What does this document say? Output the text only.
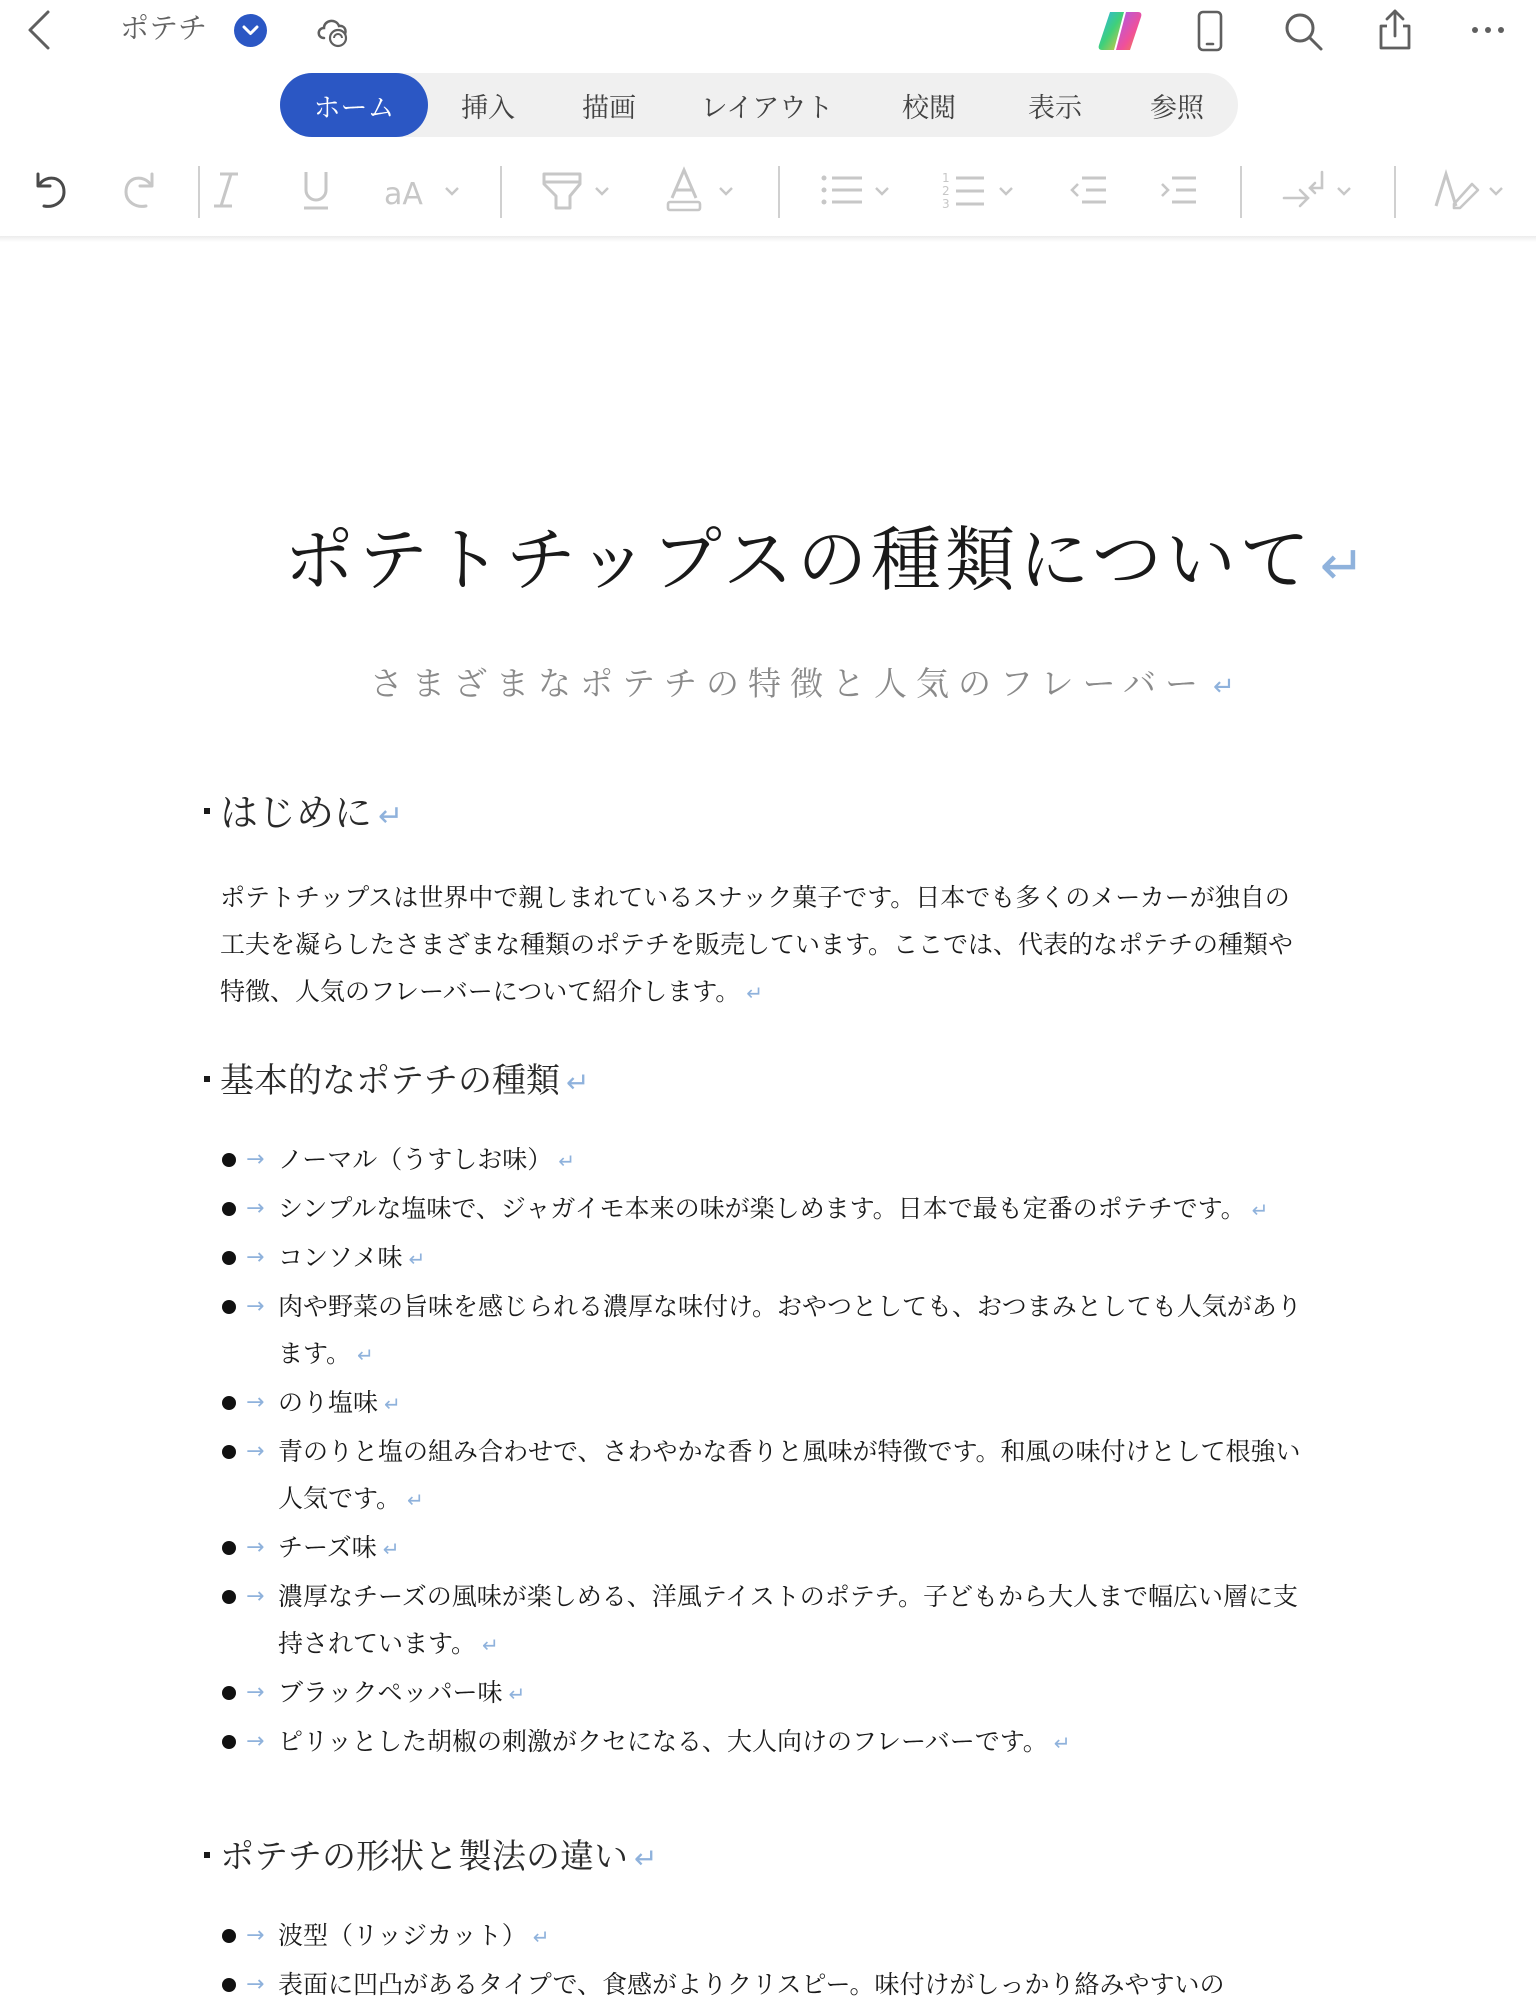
ポテチ
ホーム	挿入	描画	レイアウト	校閲	表示	参照
aA	1
2
3
ポテトチップスの種類について ↵
さまざまなポテチの特徴と人気のフレーバー ↵
はじめに ↵
ポテトチップスは世界中で親しまれているスナック菓子です。日本でも多くのメーカーが独自の工夫を凝らしたさまざまな種類のポテチを販売しています。ここでは、代表的なポテチの種類や特徴、人気のフレーバーについて紹介します。 ↵
基本的なポテチの種類 ↵
→ ノーマル（うすしお味） ↵
→ シンプルな塩味で、ジャガイモ本来の味が楽しめます。日本で最も定番のポテチです。 ↵
→ コンソメ味 ↵
→ 肉や野菜の旨味を感じられる濃厚な味付け。おやつとしても、おつまみとしても人気があります。 ↵
→ のり塩味 ↵
→ 青のりと塩の組み合わせで、さわやかな香りと風味が特徴です。和風の味付けとして根強い人気です。 ↵
→ チーズ味 ↵
→ 濃厚なチーズの風味が楽しめる、洋風テイストのポテチ。子どもから大人まで幅広い層に支持されています。 ↵
→ ブラックペッパー味 ↵
→ ピリッとした胡椒の刺激がクセになる、大人向けのフレーバーです。 ↵
ポテチの形状と製法の違い ↵
→ 波型（リッジカット） ↵
→ 表面に凹凸があるタイプで、食感がよりクリスピー。味付けがしっかり絡みやすいの
